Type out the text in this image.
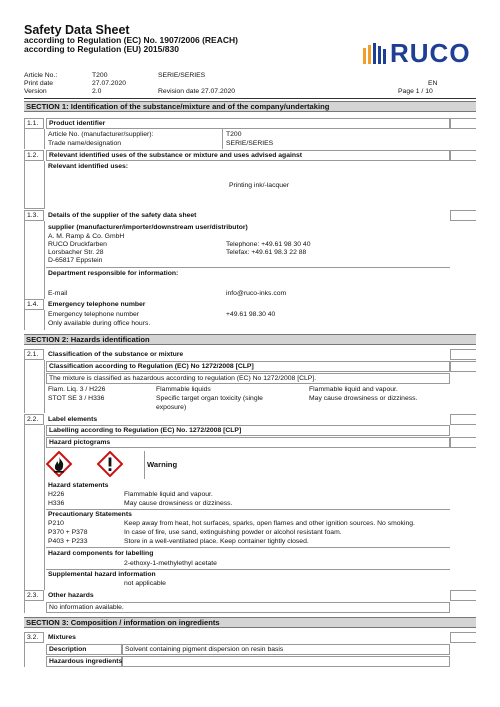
Safety Data Sheet
according to Regulation (EC) No. 1907/2006 (REACH)
according to Regulation (EU) 2015/830	RUCO
Article No.:	T200	SERIE/SERIES
Print date	27.07.2020	EN
Version	2.0	Revision date 27.07.2020	Page 1 / 10
SECTION 1: Identification of the substance/mixture and of the company/undertaking
1.1.	Product identifier
Article No. (manufacturer/supplier):	T200
Trade name/designation	SERIE/SERIES
1.2.	Relevant identified uses of the substance or mixture and uses advised against
Relevant identified uses:
Printing ink/-lacquer
1.3.	Details of the supplier of the safety data sheet
supplier (manufacturer/importer/downstream user/distributor)
A. M. Ramp & Co. GmbH
RUCO Druckfarben	Telephone: +49.61 98 30 40
Lorsbacher Str. 28	Telefax: +49.61 98.3 22 88
D-65817 Eppstein
Department responsible for information:
E-mail	info@ruco-inks.com
1.4.	Emergency telephone number
Emergency telephone number	+49.61 98.30 40
Only available during office hours.
SECTION 2: Hazards identification
2.1.	Classification of the substance or mixture
Classification according to Regulation (EC) No 1272/2008 [CLP]
The mixture is classified as hazardous according to regulation (EC) No 1272/2008 [CLP].
Flam. Liq. 3 / H226	Flammable liquids	Flammable liquid and vapour.
STOT SE 3 / H336	Specific target organ toxicity (single	May cause drowsiness or dizziness.
exposure)
2.2.	Label elements
Labelling according to Regulation (EC) No. 1272/2008 [CLP]
Hazard pictograms
Warning
Hazard statements
H226	Flammable liquid and vapour.
H336	May cause drowsiness or dizziness.
Precautionary Statements
P210	Keep away from heat, hot surfaces, sparks, open flames and other ignition sources. No smoking.
P370 + P378	In case of fire, use sand, extinguishing powder or alcohol resistant foam.
P403 + P233	Store in a well-ventilated place. Keep container tightly closed.
Hazard components for labelling
2-ethoxy-1-methylethyl acetate
Supplemental hazard information
not applicable
2.3.	Other hazards
No information available.
SECTION 3: Composition / information on ingredients
3.2.	Mixtures
Description	Solvent containing pigment dispersion on resin basis
Hazardous ingredients
